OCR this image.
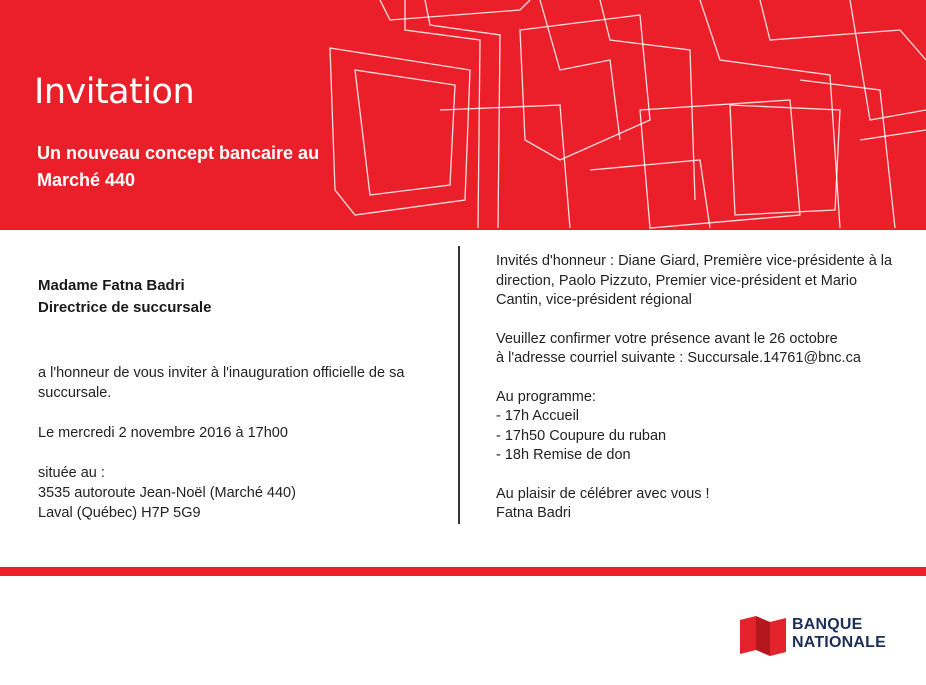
Invitation
Un nouveau concept bancaire au Marché 440

Madame Fatna Badri

Directrice de succursale

a l'honneur de vous inviter à l'inauguration officielle de sa succursale.

Le mercredi 2 novembre 2016 à 17h00

située au :

3535 autoroute Jean-Noël (Marché 440)

Laval (Québec) H7P 5G9

Invités d'honneur : Diane Giard, Première vice-présidente à la direction, Paolo Pizzuto, Premier vice-président et Mario Cantin, vice-président régional

Veuillez confirmer votre présence avant le 26 octobre

à l'adresse courriel suivante : Succursale.14761@bnc.ca

Au programme:

- 17h Accueil

- 17h50 Coupure du ruban

- 18h Remise de don

Au plaisir de célébrer avec vous !

Fatna Badri

BANQUE
NATIONALE
